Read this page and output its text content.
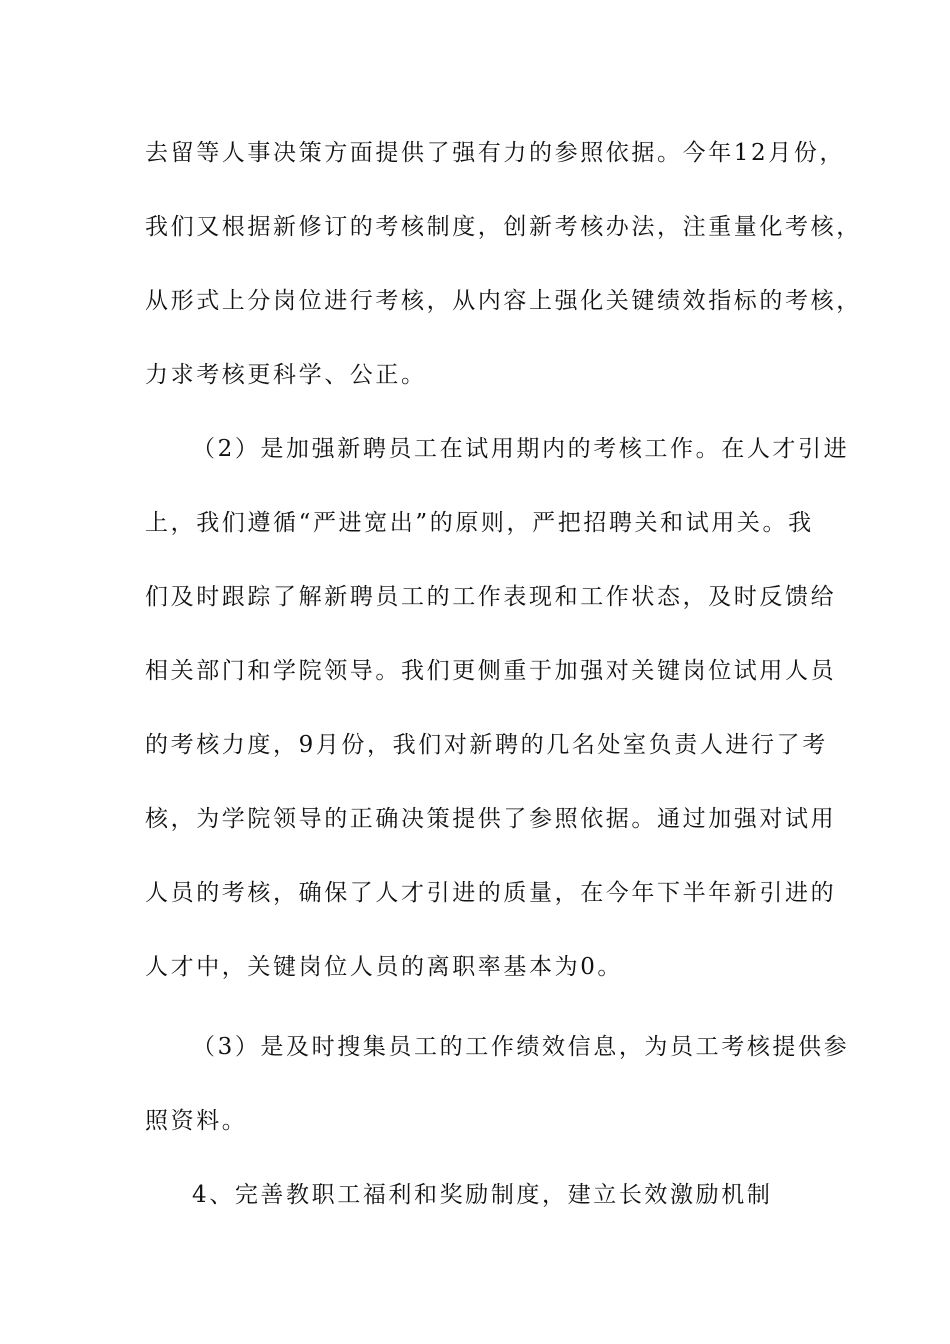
去留等人事决策方面提供了强有力的参照依据。今年12月份，
我们又根据新修订的考核制度，创新考核办法，注重量化考核，
从形式上分岗位进行考核，从内容上强化关键绩效指标的考核，
力求考核更科学、公正。
（2）是加强新聘员工在试用期内的考核工作。在人才引进
上，我们遵循“严进宽出”的原则，严把招聘关和试用关。我
们及时跟踪了解新聘员工的工作表现和工作状态，及时反馈给
相关部门和学院领导。我们更侧重于加强对关键岗位试用人员
的考核力度，9月份，我们对新聘的几名处室负责人进行了考
核，为学院领导的正确决策提供了参照依据。通过加强对试用
人员的考核，确保了人才引进的质量，在今年下半年新引进的
人才中，关键岗位人员的离职率基本为0。
（3）是及时搜集员工的工作绩效信息，为员工考核提供参
照资料。
4、完善教职工福利和奖励制度，建立长效激励机制
